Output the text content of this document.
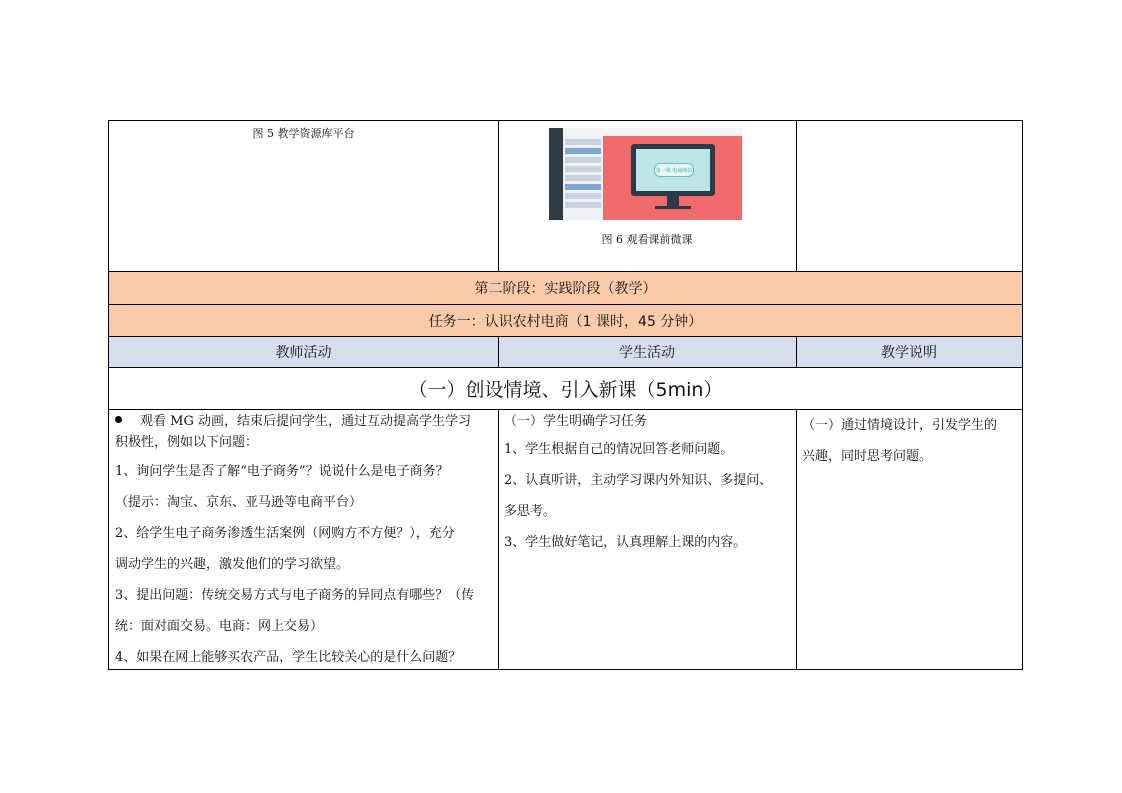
图 5 教学资源库平台
第一课 电商网站
图 6 观看课前微课
第二阶段：实践阶段（教学）
任务一：认识农村电商（1 课时，45 分钟）
教师活动	学生活动	教学说明
（一）创设情境、引入新课（5min）
观看 MG 动画，结束后提问学生，通过互动提高学生学习
积极性，例如以下问题：
1、询问学生是否了解“电子商务”？说说什么是电子商务？
（提示：淘宝、京东、亚马逊等电商平台）
2、给学生电子商务渗透生活案例（网购方不方便？），充分
调动学生的兴趣，激发他们的学习欲望。
3、提出问题：传统交易方式与电子商务的异同点有哪些？（传
统：面对面交易。电商：网上交易）
4、如果在网上能够买农产品，学生比较关心的是什么问题？
（一）学生明确学习任务
1、学生根据自己的情况回答老师问题。
2、认真听讲，主动学习课内外知识、多提问、
多思考。
3、学生做好笔记，认真理解上课的内容。
（一）通过情境设计，引发学生的
兴趣，同时思考问题。
